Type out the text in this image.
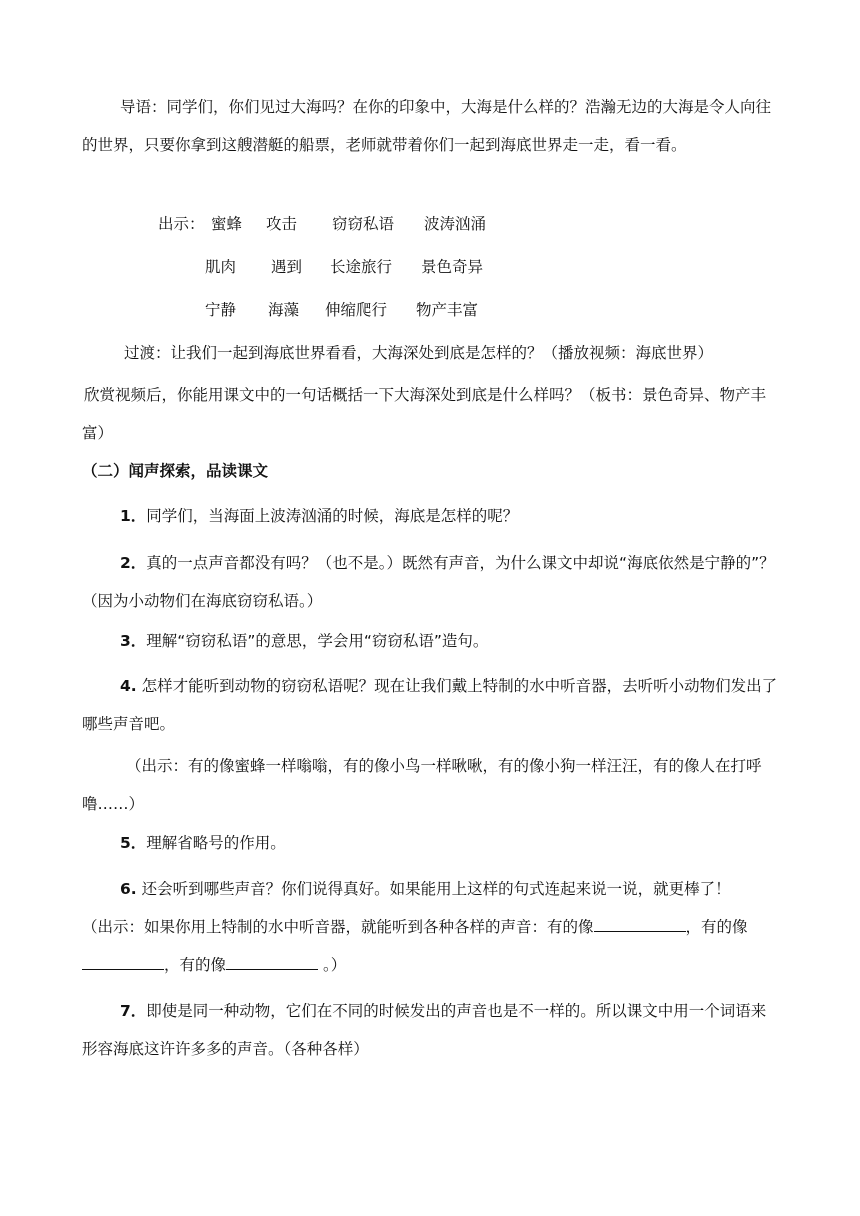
导语：同学们，你们见过大海吗？在你的印象中，大海是什么样的？浩瀚无边的大海是令人向往的世界，只要你拿到这艘潜艇的船票，老师就带着你们一起到海底世界走一走，看一看。

出示： 蜜蜂 攻击 窃窃私语 波涛汹涌
肌肉 遇到 长途旅行 景色奇异
宁静 海藻 伸缩爬行 物产丰富

过渡：让我们一起到海底世界看看，大海深处到底是怎样的？（播放视频：海底世界）

欣赏视频后，你能用课文中的一句话概括一下大海深处到底是什么样吗？（板书：景色奇异、物产丰富）

（二）闻声探索，品读课文

1．同学们，当海面上波涛汹涌的时候，海底是怎样的呢？

2．真的一点声音都没有吗？（也不是。）既然有声音，为什么课文中却说“海底依然是宁静的”？（因为小动物们在海底窃窃私语。）

3．理解“窃窃私语”的意思，学会用“窃窃私语”造句。

4. 怎样才能听到动物的窃窃私语呢？现在让我们戴上特制的水中听音器，去听听小动物们发出了哪些声音吧。

（出示：有的像蜜蜂一样嗡嗡，有的像小鸟一样啾啾，有的像小狗一样汪汪，有的像人在打呼噜……）

5．理解省略号的作用。

6. 还会听到哪些声音？你们说得真好。如果能用上这样的句式连起来说一说，就更棒了！

（出示：如果你用上特制的水中听音器，就能听到各种各样的声音：有的像	，有的像，有的像	。）

7．即使是同一种动物，它们在不同的时候发出的声音也是不一样的。所以课文中用一个词语来形容海底这许许多多的声音。（各种各样）
